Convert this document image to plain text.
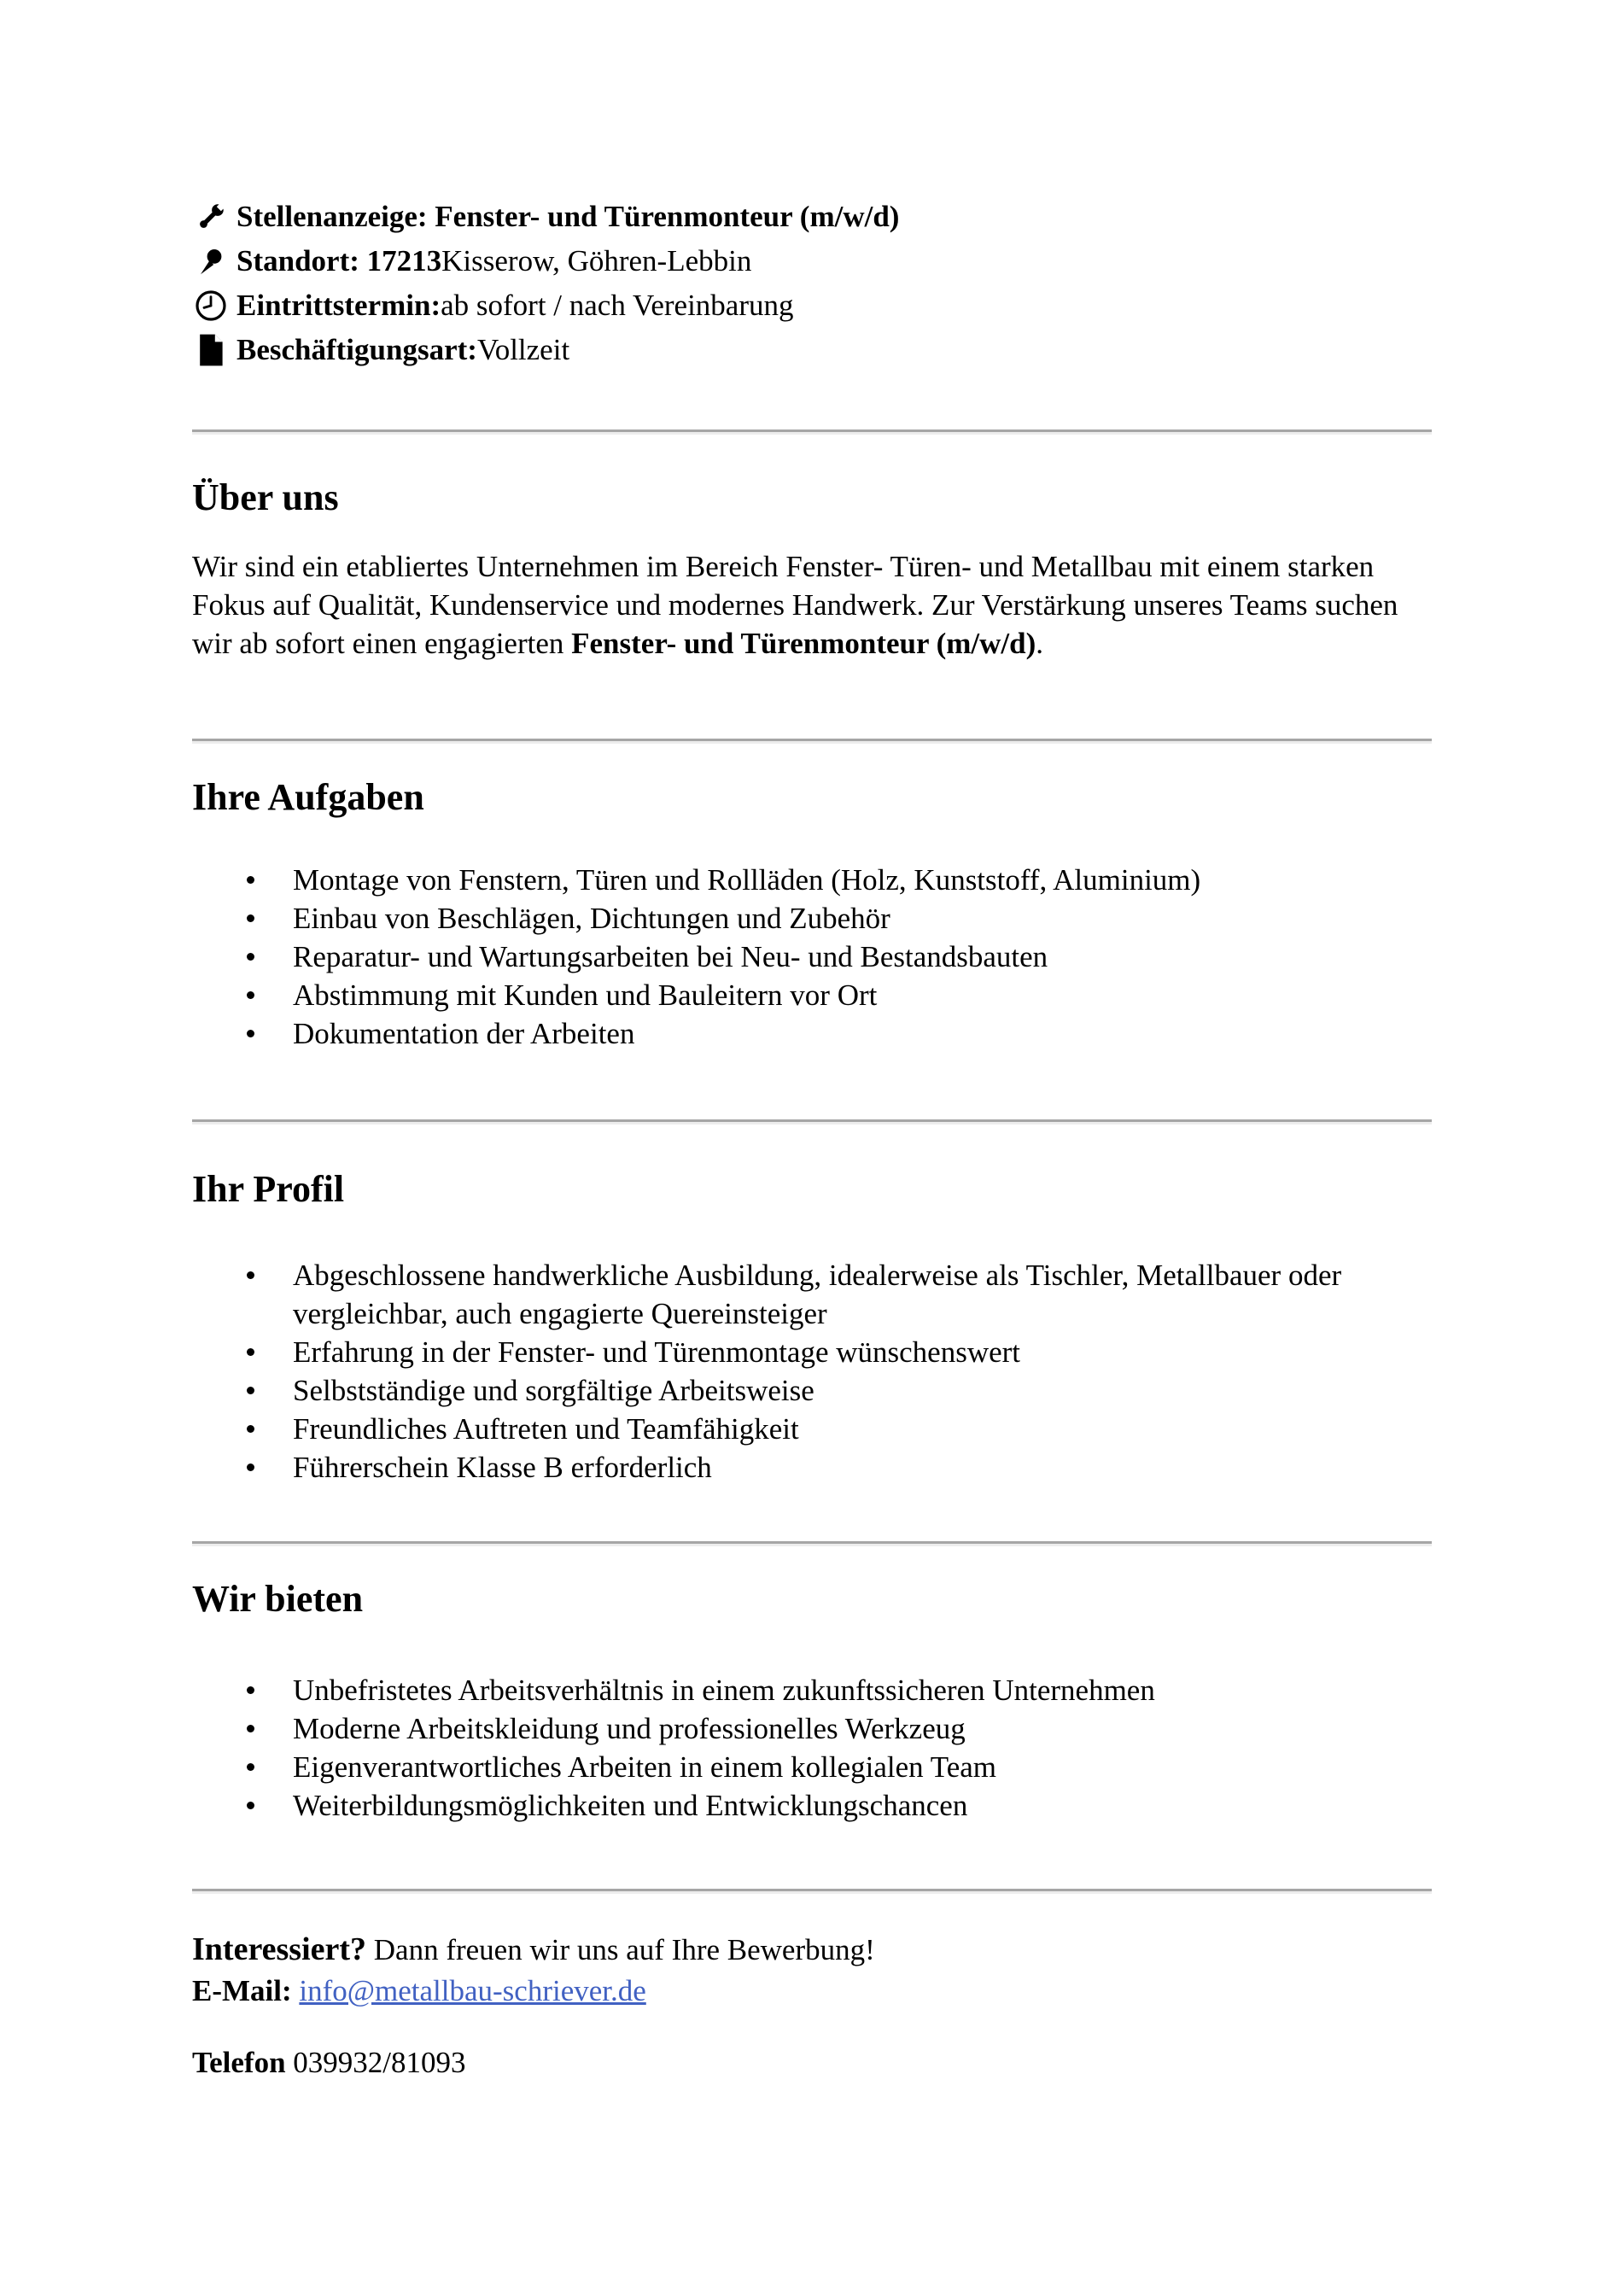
Stellenanzeige: Fenster- und Türenmonteur (m/w/d)
Standort: 17213 Kisserow, Göhren-Lebbin
Eintrittstermin: ab sofort / nach Vereinbarung
Beschäftigungsart: Vollzeit
Über uns
Wir sind ein etabliertes Unternehmen im Bereich Fenster- Türen- und Metallbau mit einem starken Fokus auf Qualität, Kundenservice und modernes Handwerk. Zur Verstärkung unseres Teams suchen wir ab sofort einen engagierten Fenster- und Türenmonteur (m/w/d).
Ihre Aufgaben
Montage von Fenstern, Türen und Rollläden (Holz, Kunststoff, Aluminium)
Einbau von Beschlägen, Dichtungen und Zubehör
Reparatur- und Wartungsarbeiten bei Neu- und Bestandsbauten
Abstimmung mit Kunden und Bauleitern vor Ort
Dokumentation der Arbeiten
Ihr Profil
Abgeschlossene handwerkliche Ausbildung, idealerweise als Tischler, Metallbauer oder vergleichbar, auch engagierte Quereinsteiger
Erfahrung in der Fenster- und Türenmontage wünschenswert
Selbstständige und sorgfältige Arbeitsweise
Freundliches Auftreten und Teamfähigkeit
Führerschein Klasse B erforderlich
Wir bieten
Unbefristetes Arbeitsverhältnis in einem zukunftssicheren Unternehmen
Moderne Arbeitskleidung und professionelles Werkzeug
Eigenverantwortliches Arbeiten in einem kollegialen Team
Weiterbildungsmöglichkeiten und Entwicklungschancen
Interessiert? Dann freuen wir uns auf Ihre Bewerbung!
E-Mail: info@metallbau-schriever.de
Telefon 039932/81093
